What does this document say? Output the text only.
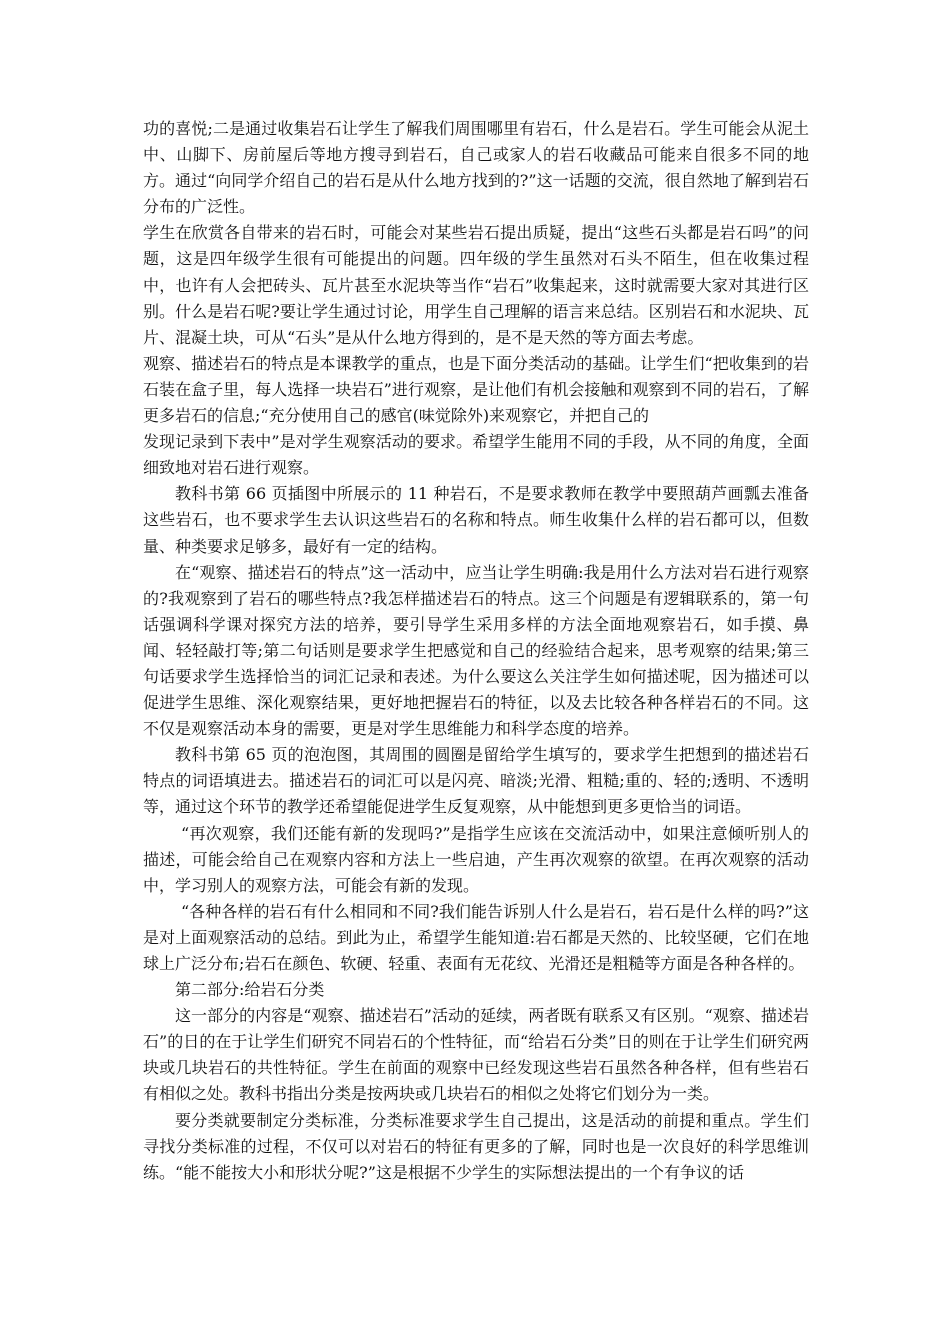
功的喜悦;二是通过收集岩石让学生了解我们周围哪里有岩石，什么是岩石。学生可能会从泥土中、山脚下、房前屋后等地方搜寻到岩石，自己或家人的岩石收藏品可能来自很多不同的地方。通过“向同学介绍自己的岩石是从什么地方找到的?”这一话题的交流，很自然地了解到岩石分布的广泛性。

学生在欣赏各自带来的岩石时，可能会对某些岩石提出质疑，提出“这些石头都是岩石吗”的问题，这是四年级学生很有可能提出的问题。四年级的学生虽然对石头不陌生，但在收集过程中，也许有人会把砖头、瓦片甚至水泥块等当作“岩石”收集起来，这时就需要大家对其进行区别。什么是岩石呢?要让学生通过讨论，用学生自己理解的语言来总结。区别岩石和水泥块、瓦片、混凝土块，可从“石头”是从什么地方得到的，是不是天然的等方面去考虑。

观察、描述岩石的特点是本课教学的重点，也是下面分类活动的基础。让学生们“把收集到的岩石装在盒子里，每人选择一块岩石”进行观察，是让他们有机会接触和观察到不同的岩石，了解更多岩石的信息;“充分使用自己的感官(味觉除外)来观察它，并把自己的

发现记录到下表中”是对学生观察活动的要求。希望学生能用不同的手段，从不同的角度，全面细致地对岩石进行观察。

教科书第 66 页插图中所展示的 11 种岩石，不是要求教师在教学中要照葫芦画瓢去准备这些岩石，也不要求学生去认识这些岩石的名称和特点。师生收集什么样的岩石都可以，但数量、种类要求足够多，最好有一定的结构。

在“观察、描述岩石的特点”这一活动中，应当让学生明确:我是用什么方法对岩石进行观察的?我观察到了岩石的哪些特点?我怎样描述岩石的特点。这三个问题是有逻辑联系的，第一句话强调科学课对探究方法的培养，要引导学生采用多样的方法全面地观察岩石，如手摸、鼻闻、轻轻敲打等;第二句话则是要求学生把感觉和自己的经验结合起来，思考观察的结果;第三句话要求学生选择恰当的词汇记录和表述。为什么要这么关注学生如何描述呢，因为描述可以促进学生思维、深化观察结果，更好地把握岩石的特征，以及去比较各种各样岩石的不同。这不仅是观察活动本身的需要，更是对学生思维能力和科学态度的培养。

教科书第 65 页的泡泡图，其周围的圆圈是留给学生填写的，要求学生把想到的描述岩石特点的词语填进去。描述岩石的词汇可以是闪亮、暗淡;光滑、粗糙;重的、轻的;透明、不透明等，通过这个环节的教学还希望能促进学生反复观察，从中能想到更多更恰当的词语。

“再次观察，我们还能有新的发现吗?”是指学生应该在交流活动中，如果注意倾听别人的描述，可能会给自己在观察内容和方法上一些启迪，产生再次观察的欲望。在再次观察的活动中，学习别人的观察方法，可能会有新的发现。

“各种各样的岩石有什么相同和不同?我们能告诉别人什么是岩石，岩石是什么样的吗?”这是对上面观察活动的总结。到此为止，希望学生能知道:岩石都是天然的、比较坚硬，它们在地球上广泛分布;岩石在颜色、软硬、轻重、表面有无花纹、光滑还是粗糙等方面是各种各样的。

第二部分:给岩石分类

这一部分的内容是“观察、描述岩石”活动的延续，两者既有联系又有区别。“观察、描述岩石”的日的在于让学生们研究不同岩石的个性特征，而“给岩石分类”日的则在于让学生们研究两块或几块岩石的共性特征。学生在前面的观察中已经发现这些岩石虽然各种各样，但有些岩石有相似之处。教科书指出分类是按两块或几块岩石的相似之处将它们划分为一类。

要分类就要制定分类标准，分类标准要求学生自己提出，这是活动的前提和重点。学生们寻找分类标准的过程，不仅可以对岩石的特征有更多的了解，同时也是一次良好的科学思维训练。“能不能按大小和形状分呢?”这是根据不少学生的实际想法提出的一个有争议的话
